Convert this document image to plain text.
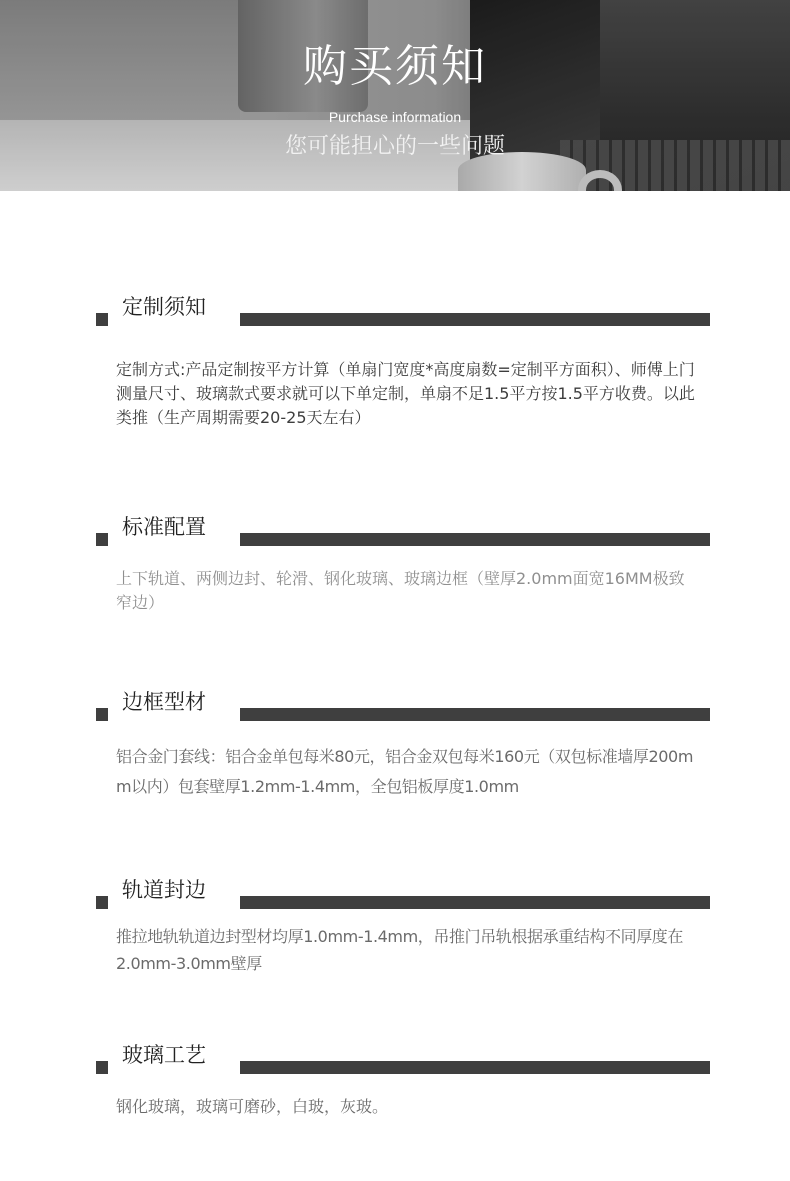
购买须知
Purchase information
您可能担心的一些问题
定制须知
定制方式:产品定制按平方计算（单扇门宽度*高度扇数=定制平方面积）、师傅上门测量尺寸、玻璃款式要求就可以下单定制，单扇不足1.5平方按1.5平方收费。以此类推（生产周期需要20-25天左右）
标准配置
上下轨道、两侧边封、轮滑、钢化玻璃、玻璃边框（壁厚2.0mm面宽16MM极致窄边）
边框型材
铝合金门套线：铝合金单包每米80元，铝合金双包每米160元（双包标准墙厚200mm以内）包套壁厚1.2mm-1.4mm，全包铝板厚度1.0mm
轨道封边
推拉地轨轨道边封型材均厚1.0mm-1.4mm，吊推门吊轨根据承重结构不同厚度在2.0mm-3.0mm壁厚
玻璃工艺
钢化玻璃，玻璃可磨砂，白玻，灰玻。
